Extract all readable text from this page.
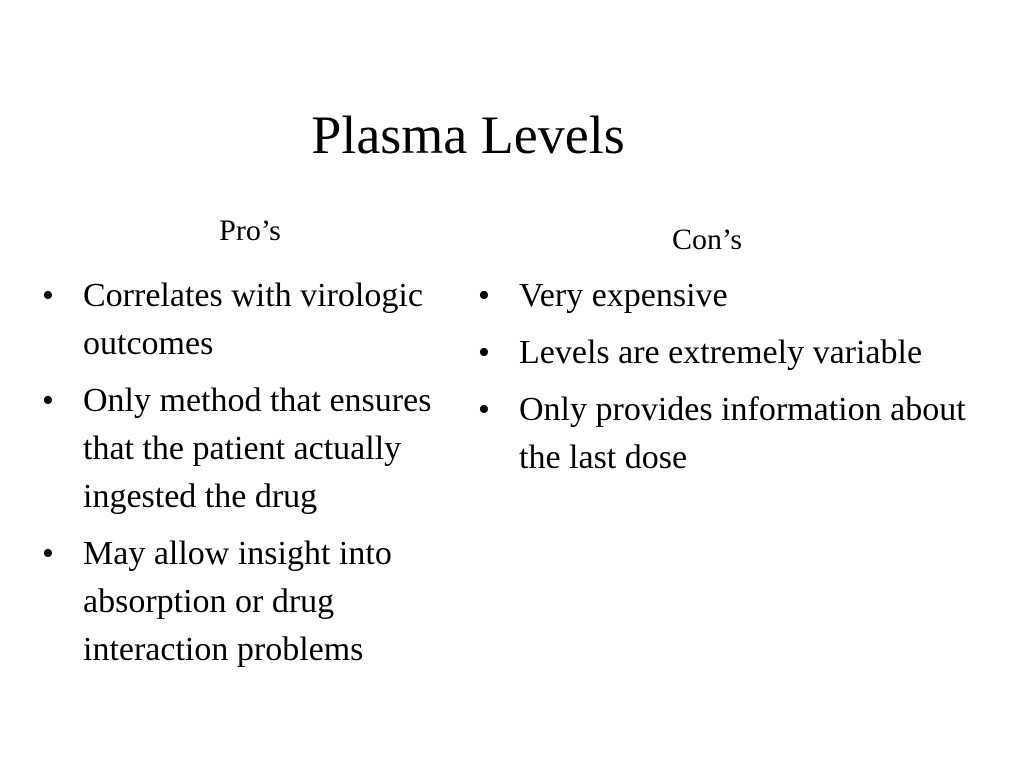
Plasma Levels
Pro’s	Con’s
• Correlates with virologic outcomes
• Only method that ensures that the patient actually ingested the drug
• May allow insight into absorption or drug interaction problems
• Very expensive
• Levels are extremely variable
• Only provides information about the last dose
